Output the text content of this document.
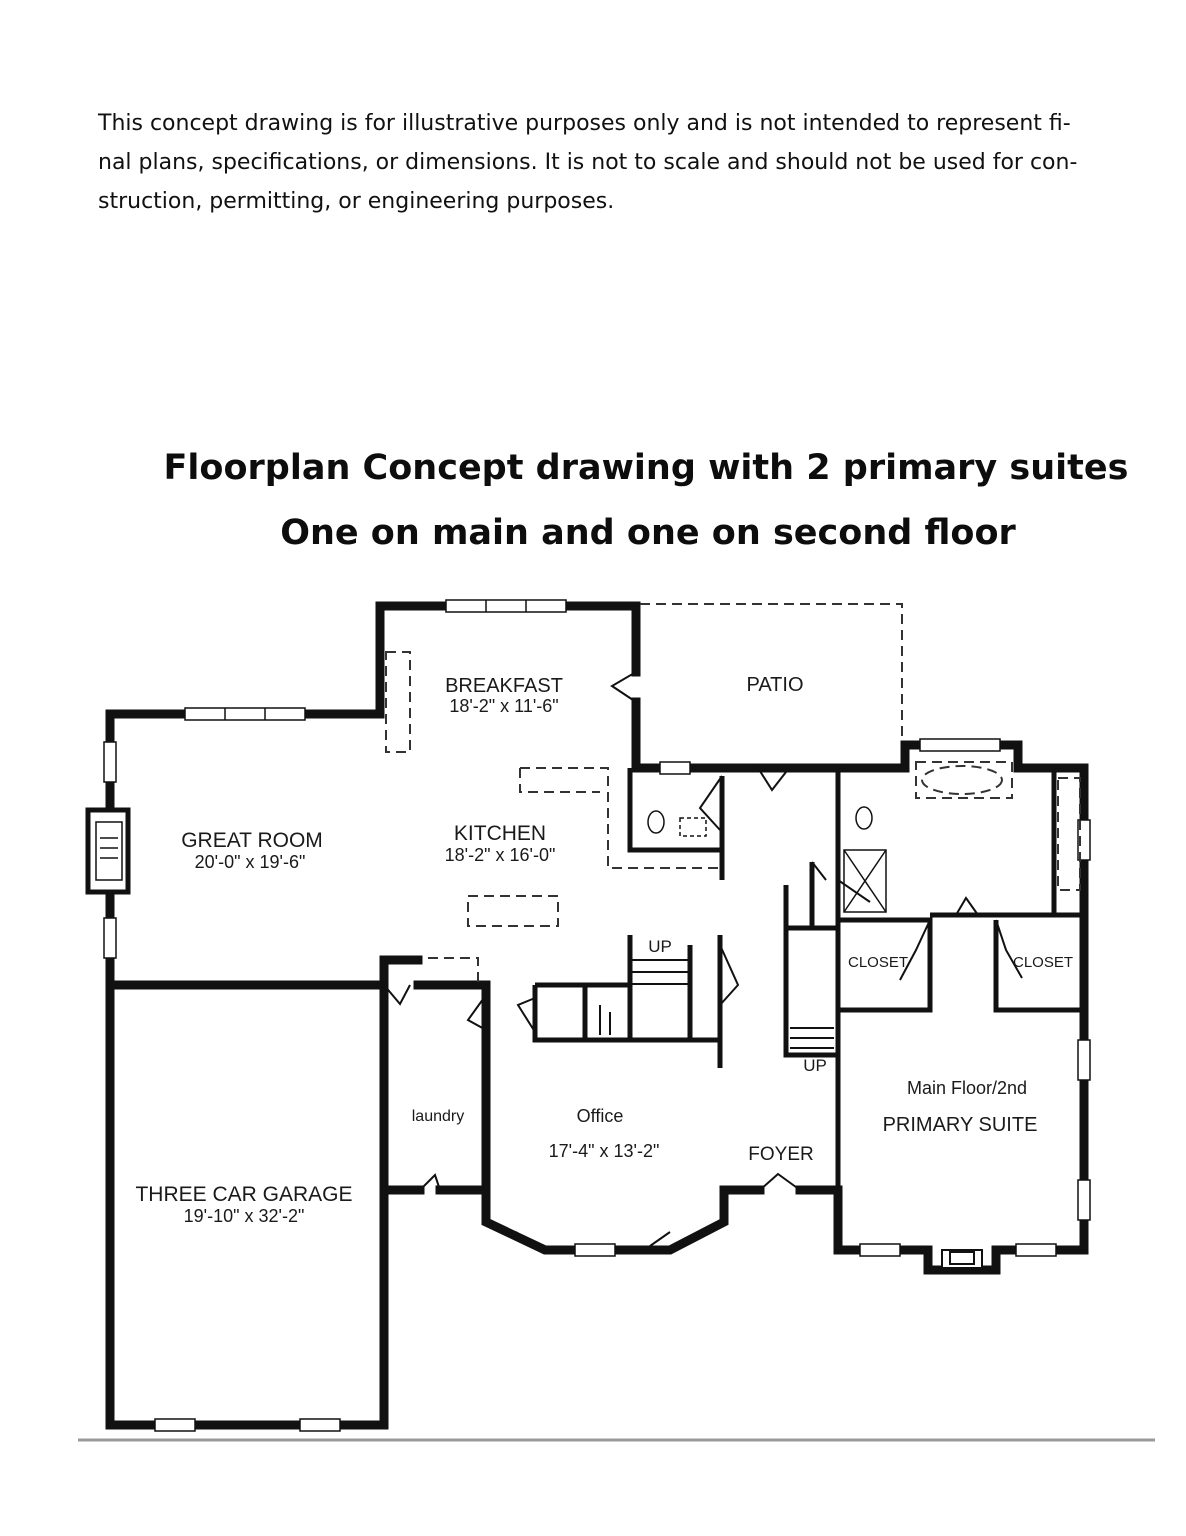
This concept drawing is for illustrative purposes only and is not intended to represent fi-
nal plans, specifications, or dimensions. It is not to scale and should not be used for con-
struction, permitting, or engineering purposes.
Floorplan Concept drawing with 2 primary suites
One on main and one on second floor
BREAKFAST
18'-2" x 11'-6"
PATIO
GREAT ROOM
20'-0" x 19'-6"
KITCHEN
18'-2" x 16'-0"
UP
UP
CLOSET	CLOSET
laundry	Office
17'-4" x 13'-2"	FOYER
Main Floor/2nd
PRIMARY SUITE
THREE CAR GARAGE
19'-10" x 32'-2"
